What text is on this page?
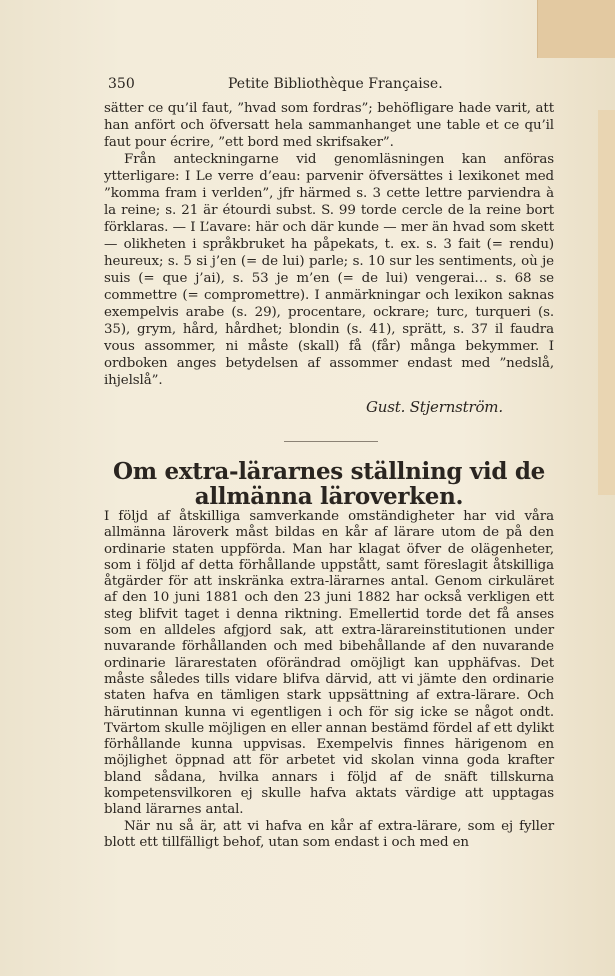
350	Petite Bibliothèque Française.

sätter ce qu’il faut, ”hvad som fordras”; behöfligare hade varit, att han anfört och öfversatt hela sammanhanget une table et ce qu’il faut pour écrire, ”ett bord med skrifsaker”.

Från anteckningarne vid genomläsningen kan anföras ytterligare: I Le verre d’eau: parvenir öfversättes i lexikonet med ”komma fram i verlden”, jfr härmed s. 3 cette lettre parviendra à la reine; s. 21 är étourdi subst. S. 99 torde cercle de la reine bort förklaras. — I L’avare: här och där kunde — mer än hvad som skett — olikheten i språkbruket ha påpekats, t. ex. s. 3 fait (= rendu) heureux; s. 5 si j’en (= de lui) parle; s. 10 sur les sentiments, où je suis (= que j’ai), s. 53 je m’en (= de lui) vengerai… s. 68 se commettre (= compromettre). I anmärkningar och lexikon saknas exempelvis arabe (s. 29), procentare, ockrare; turc, turqueri (s. 35), grym, hård, hårdhet; blondin (s. 41), sprätt, s. 37 il faudra vous assommer, ni måste (skall) få (får) många bekymmer. I ordboken anges betydelsen af assommer endast med ”nedslå, ihjelslå”.

Gust. Stjernström.
Om extra-lärarnes ställning vid de allmänna läroverken.

I följd af åtskilliga samverkande omständigheter har vid våra allmänna läroverk måst bildas en kår af lärare utom de på den ordinarie staten uppförda. Man har klagat öfver de olägenheter, som i följd af detta förhållande uppstått, samt föreslagit åtskilliga åtgärder för att inskränka extra-lärarnes antal. Genom cirkuläret af den 10 juni 1881 och den 23 juni 1882 har också verkligen ett steg blifvit taget i denna riktning. Emellertid torde det få anses som en alldeles afgjord sak, att extra-lärareinstitutionen under nuvarande förhållanden och med bibehållande af den nuvarande ordinarie lärarestaten oförändrad omöjligt kan upphäfvas. Det måste således tills vidare blifva därvid, att vi jämte den ordinarie staten hafva en tämligen stark uppsättning af extra-lärare. Och härutinnan kunna vi egentligen i och för sig icke se något ondt. Tvärtom skulle möjligen en eller annan bestämd fördel af ett dylikt förhållande kunna uppvisas. Exempelvis finnes härigenom en möjlighet öppnad att för arbetet vid skolan vinna goda krafter bland sådana, hvilka annars i följd af de snäft tillskurna kompetensvilkoren ej skulle hafva aktats värdige att upptagas bland lärarnes antal.

När nu så är, att vi hafva en kår af extra-lärare, som ej fyller blott ett tillfälligt behof, utan som endast i och med en
